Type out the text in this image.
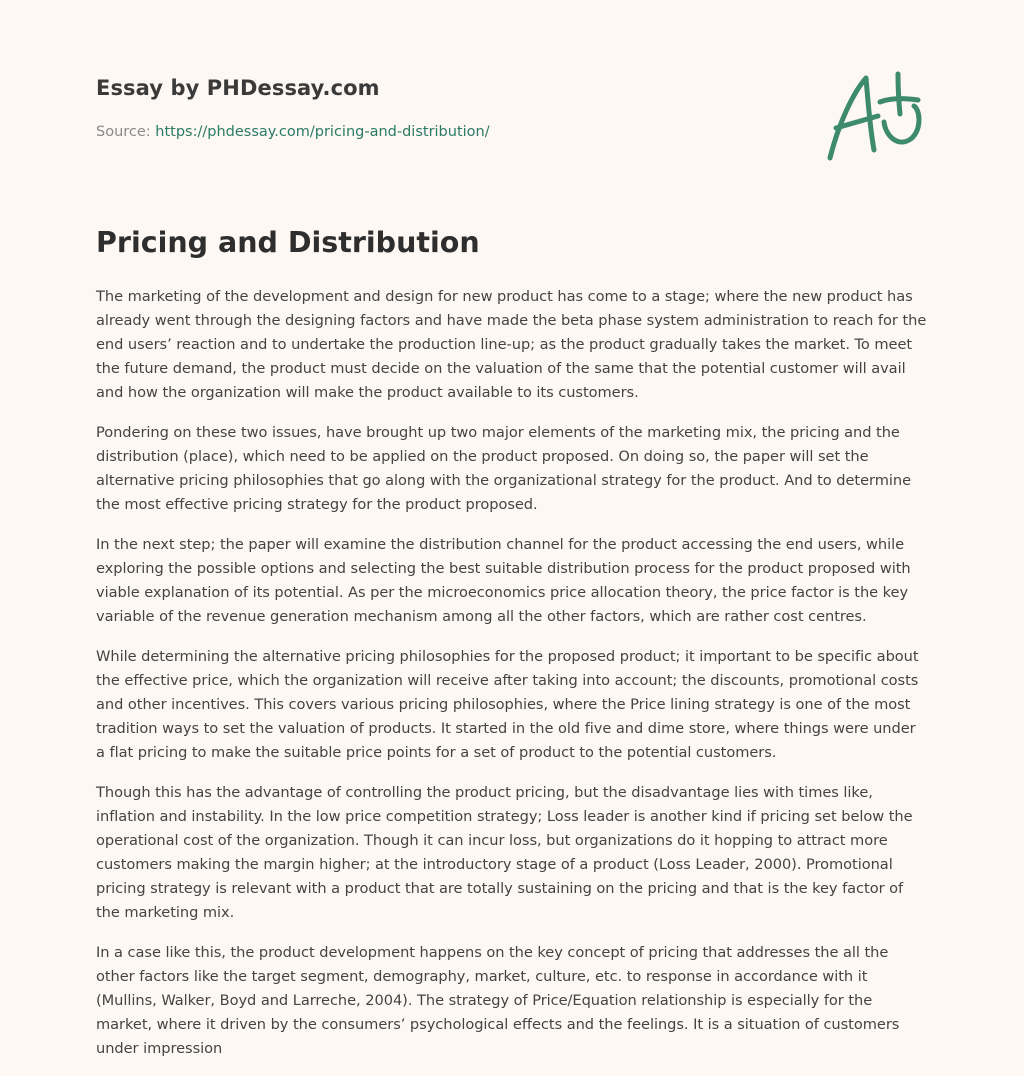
Essay by PHDessay.com
Source: https://phdessay.com/pricing-and-distribution/
Pricing and Distribution

The marketing of the development and design for new product has come to a stage; where the new product has already went through the designing factors and have made the beta phase system administration to reach for the end users’ reaction and to undertake the production line-up; as the product gradually takes the market. To meet the future demand, the product must decide on the valuation of the same that the potential customer will avail and how the organization will make the product available to its customers.

Pondering on these two issues, have brought up two major elements of the marketing mix, the pricing and the distribution (place), which need to be applied on the product proposed. On doing so, the paper will set the alternative pricing philosophies that go along with the organizational strategy for the product. And to determine the most effective pricing strategy for the product proposed.

In the next step; the paper will examine the distribution channel for the product accessing the end users, while exploring the possible options and selecting the best suitable distribution process for the product proposed with viable explanation of its potential. As per the microeconomics price allocation theory, the price factor is the key variable of the revenue generation mechanism among all the other factors, which are rather cost centres.

While determining the alternative pricing philosophies for the proposed product; it important to be specific about the effective price, which the organization will receive after taking into account; the discounts, promotional costs and other incentives. This covers various pricing philosophies, where the Price lining strategy is one of the most tradition ways to set the valuation of products. It started in the old five and dime store, where things were under a flat pricing to make the suitable price points for a set of product to the potential customers.

Though this has the advantage of controlling the product pricing, but the disadvantage lies with times like, inflation and instability. In the low price competition strategy; Loss leader is another kind if pricing set below the operational cost of the organization. Though it can incur loss, but organizations do it hopping to attract more customers making the margin higher; at the introductory stage of a product (Loss Leader, 2000). Promotional pricing strategy is relevant with a product that are totally sustaining on the pricing and that is the key factor of the marketing mix.

In a case like this, the product development happens on the key concept of pricing that addresses the all the other factors like the target segment, demography, market, culture, etc. to response in accordance with it (Mullins, Walker, Boyd and Larreche, 2004). The strategy of Price/Equation relationship is especially for the market, where it driven by the consumers’ psychological effects and the feelings. It is a situation of customers under impression
